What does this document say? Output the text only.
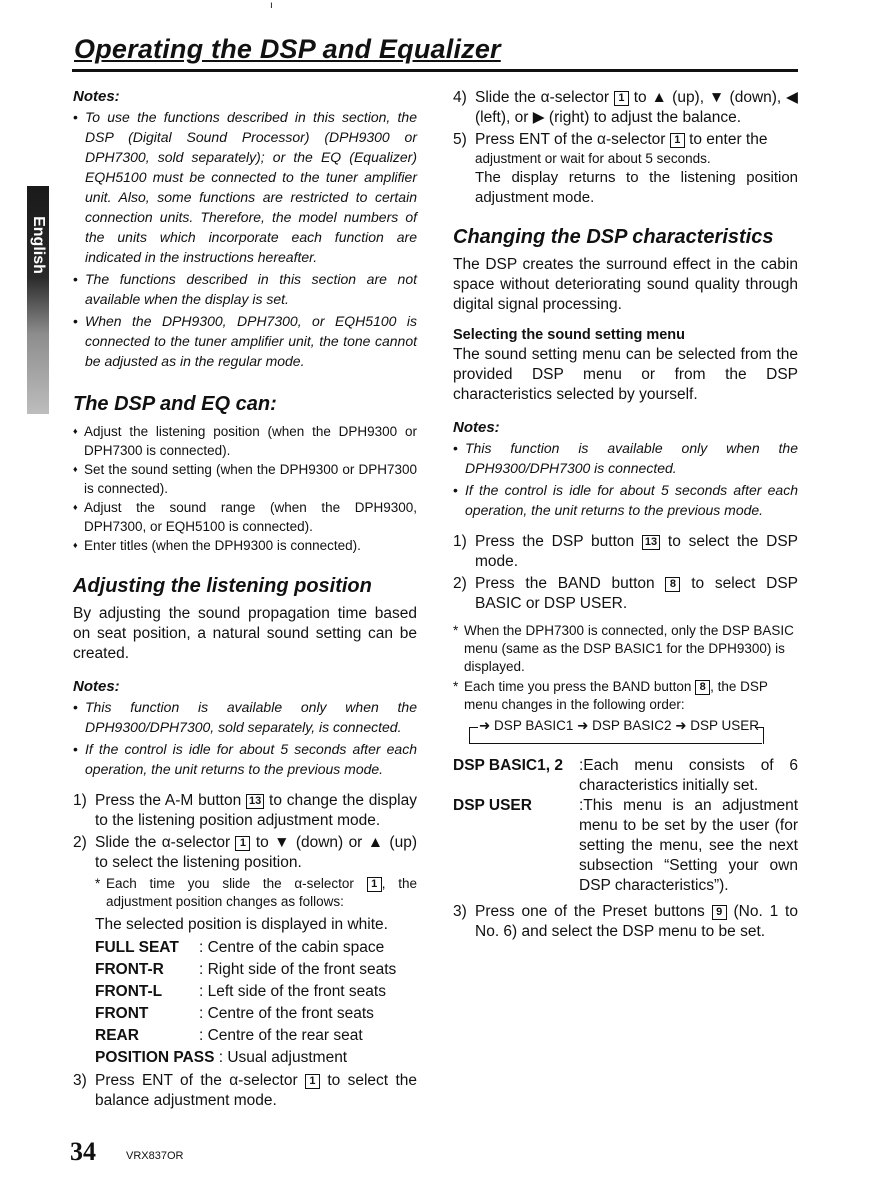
ı
Operating the DSP and Equalizer
English

Notes:

• To use the functions described in this section, the DSP (Digital Sound Processor) (DPH9300 or DPH7300, sold separately); or the EQ (Equalizer) EQH5100 must be connected to the tuner amplifier unit. Also, some functions are restricted to certain connection units. Therefore, the model numbers of the units which incorporate each function are indicated in the instructions hereafter.
• The functions described in this section are not available when the display is set.
• When the DPH9300, DPH7300, or EQH5100 is connected to the tuner amplifier unit, the tone cannot be adjusted as in the regular mode.
The DSP and EQ can:
♦ Adjust the listening position (when the DPH9300 or DPH7300 is connected).
♦ Set the sound setting (when the DPH9300 or DPH7300 is connected).
♦ Adjust the sound range (when the DPH9300, DPH7300, or EQH5100 is connected).
♦ Enter titles (when the DPH9300 is connected).
Adjusting the listening position

By adjusting the sound propagation time based on seat position, a natural sound setting can be created.

Notes:

• This function is available only when the DPH9300/DPH7300, sold separately, is connected.
• If the control is idle for about 5 seconds after each operation, the unit returns to the previous mode.
1) Press the A-M button 13 to change the display to the listening position adjustment mode.
2) Slide the α-selector 1 to ▼ (down) or ▲ (up) to select the listening position.
* Each time you slide the α-selector 1 , the adjustment position changes as follows:
The selected position is displayed in white.
FULL SEAT	: Centre of the cabin space
FRONT-R	: Right side of the front seats
FRONT-L	: Left side of the front seats
FRONT	: Centre of the front seats
REAR	: Centre of the rear seat
POSITION PASS : Usual adjustment
3) Press ENT of the α-selector 1 to select the balance adjustment mode.
4) Slide the α-selector 1 to ▲ (up), ▼ (down), ◀ (left), or ▶ (right) to adjust the balance.
5) Press ENT of the α-selector 1 to enter the
adjustment or wait for about 5 seconds.
The display returns to the listening position adjustment mode.
Changing the DSP characteristics

The DSP creates the surround effect in the cabin space without deteriorating sound quality through digital signal processing.

Selecting the sound setting menu

The sound setting menu can be selected from the provided DSP menu or from the DSP characteristics selected by yourself.

Notes:

• This function is available only when the DPH9300/DPH7300 is connected.
• If the control is idle for about 5 seconds after each operation, the unit returns to the previous mode.
1) Press the DSP button 13 to select the DSP mode.
2) Press the BAND button 8 to select DSP BASIC or DSP USER.
* When the DPH7300 is connected, only the DSP BASIC menu (same as the DSP BASIC1 for the DPH9300) is displayed.
* Each time you press the BAND button 8 , the DSP menu changes in the following order:
➜ DSP BASIC1 ➜ DSP BASIC2 ➜ DSP USER
DSP BASIC1, 2	:Each menu consists of 6 characteristics initially set.
DSP USER	:This menu is an adjustment menu to be set by the user (for setting the menu, see the next subsection “Setting your own DSP characteristics”).
3) Press one of the Preset buttons 9 (No. 1 to No. 6) and select the DSP menu to be set.
34	VRX837OR
